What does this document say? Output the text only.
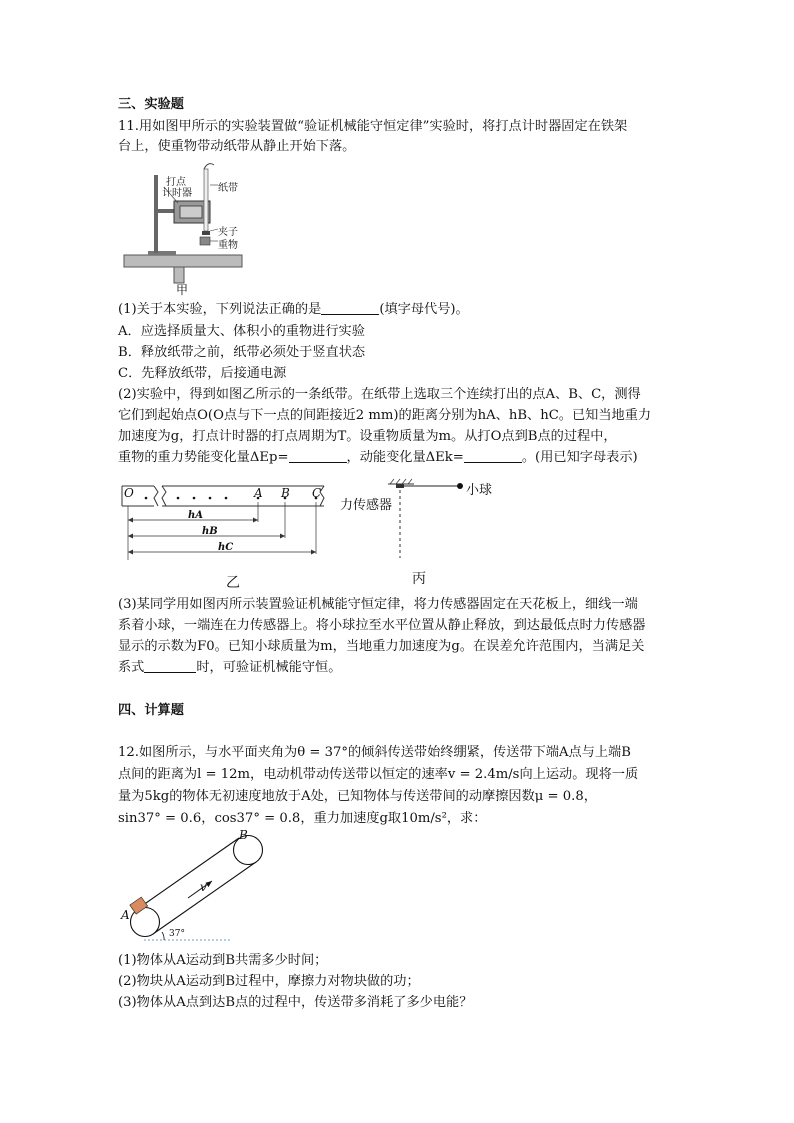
三、实验题
11.用如图甲所示的实验装置做“验证机械能守恒定律”实验时，将打点计时器固定在铁架
台上，使重物带动纸带从静止开始下落。
打点
计时器	纸带
夹子
重物
甲
(1)关于本实验，下列说法正确的是	(填字母代号)。
A．应选择质量大、体积小的重物进行实验
B．释放纸带之前，纸带必须处于竖直状态
C．先释放纸带，后接通电源
(2)实验中，得到如图乙所示的一条纸带。在纸带上选取三个连续打出的点A、B、C，测得
它们到起始点O(O点与下一点的间距接近2 mm)的距离分别为hA、hB、hC。已知当地重力
加速度为g，打点计时器的打点周期为T。设重物质量为m。从打O点到B点的过程中，
重物的重力势能变化量ΔEp=	，动能变化量ΔEk=	。(用已知字母表示)
O	A B C
hA
hB
hC
乙
小球
力传感器
丙
(3)某同学用如图丙所示装置验证机械能守恒定律，将力传感器固定在天花板上，细线一端
系着小球，一端连在力传感器上。将小球拉至水平位置从静止释放，到达最低点时力传感器
显示的示数为F0。已知小球质量为m，当地重力加速度为g。在误差允许范围内，当满足关
系式	时，可验证机械能守恒。
四、计算题
12.如图所示，与水平面夹角为θ = 37°的倾斜传送带始终绷紧，传送带下端A点与上端B
点间的距离为l = 12m，电动机带动传送带以恒定的速率v = 2.4m/s向上运动。现将一质
量为5kg的物体无初速度地放于A处，已知物体与传送带间的动摩擦因数μ = 0.8，
sin37° = 0.6，cos37° = 0.8，重力加速度g取10m/s²，求：
B
A
v
37°
(1)物体从A运动到B共需多少时间；
(2)物块从A运动到B过程中，摩擦力对物块做的功；
(3)物体从A点到达B点的过程中，传送带多消耗了多少电能？
